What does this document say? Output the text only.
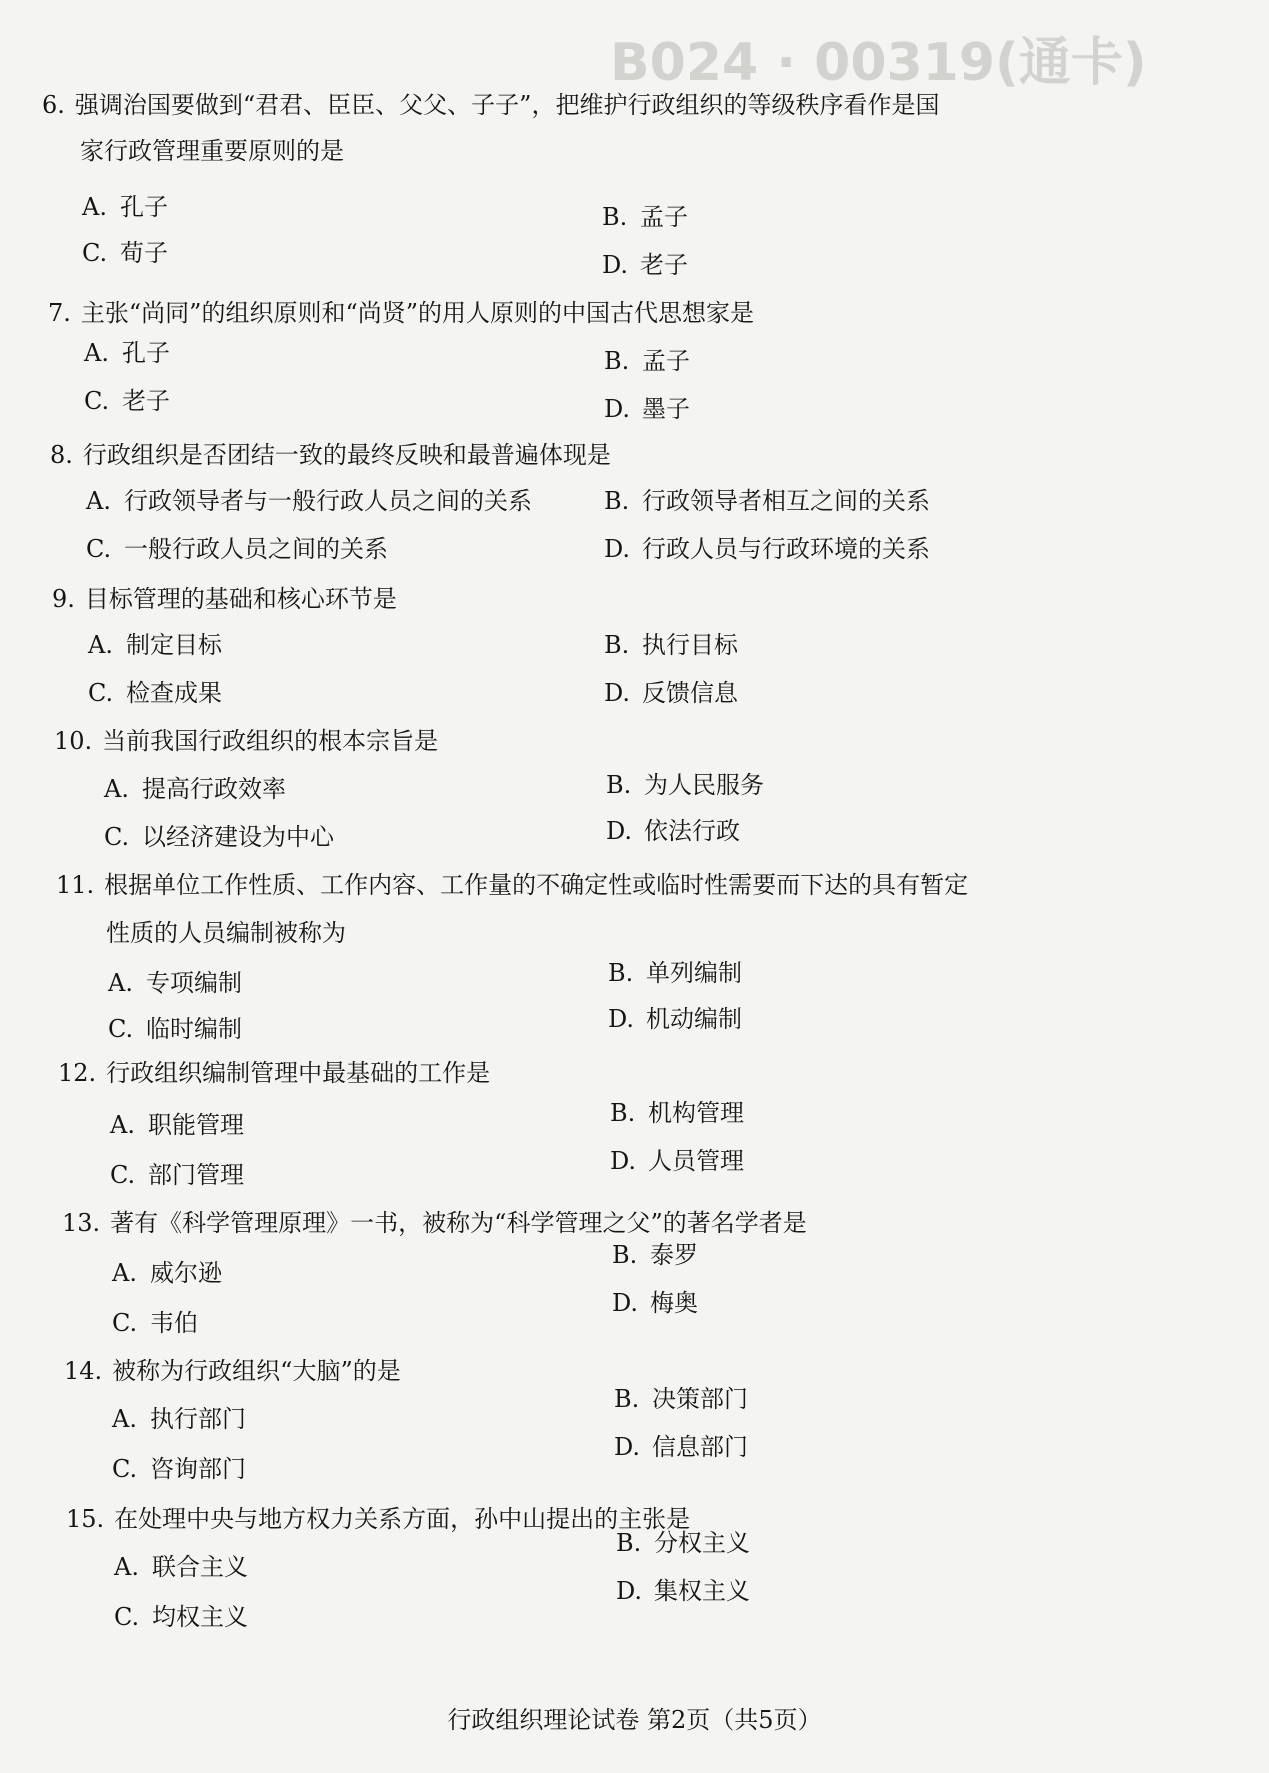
B024 · 00319(通卡)
6. 强调治国要做到“君君、臣臣、父父、子子”，把维护行政组织的等级秩序看作是国
家行政管理重要原则的是
A. 孔子	B. 孟子
C. 荀子	D. 老子
7. 主张“尚同”的组织原则和“尚贤”的用人原则的中国古代思想家是
A. 孔子	B. 孟子
C. 老子	D. 墨子
8. 行政组织是否团结一致的最终反映和最普遍体现是
A. 行政领导者与一般行政人员之间的关系	B. 行政领导者相互之间的关系
C. 一般行政人员之间的关系	D. 行政人员与行政环境的关系
9. 目标管理的基础和核心环节是
A. 制定目标	B. 执行目标
C. 检查成果	D. 反馈信息
10. 当前我国行政组织的根本宗旨是
A. 提高行政效率	B. 为人民服务
C. 以经济建设为中心	D. 依法行政
11. 根据单位工作性质、工作内容、工作量的不确定性或临时性需要而下达的具有暂定
性质的人员编制被称为
A. 专项编制	B. 单列编制
C. 临时编制	D. 机动编制
12. 行政组织编制管理中最基础的工作是
A. 职能管理	B. 机构管理
C. 部门管理	D. 人员管理
13. 著有《科学管理原理》一书，被称为“科学管理之父”的著名学者是
A. 威尔逊
B. 泰罗
C. 韦伯
D. 梅奥
14. 被称为行政组织“大脑”的是
A. 执行部门
B. 决策部门
C. 咨询部门
D. 信息部门
15. 在处理中央与地方权力关系方面，孙中山提出的主张是
A. 联合主义
B. 分权主义
C. 均权主义
D. 集权主义
行政组织理论试卷 第2页（共5页）
